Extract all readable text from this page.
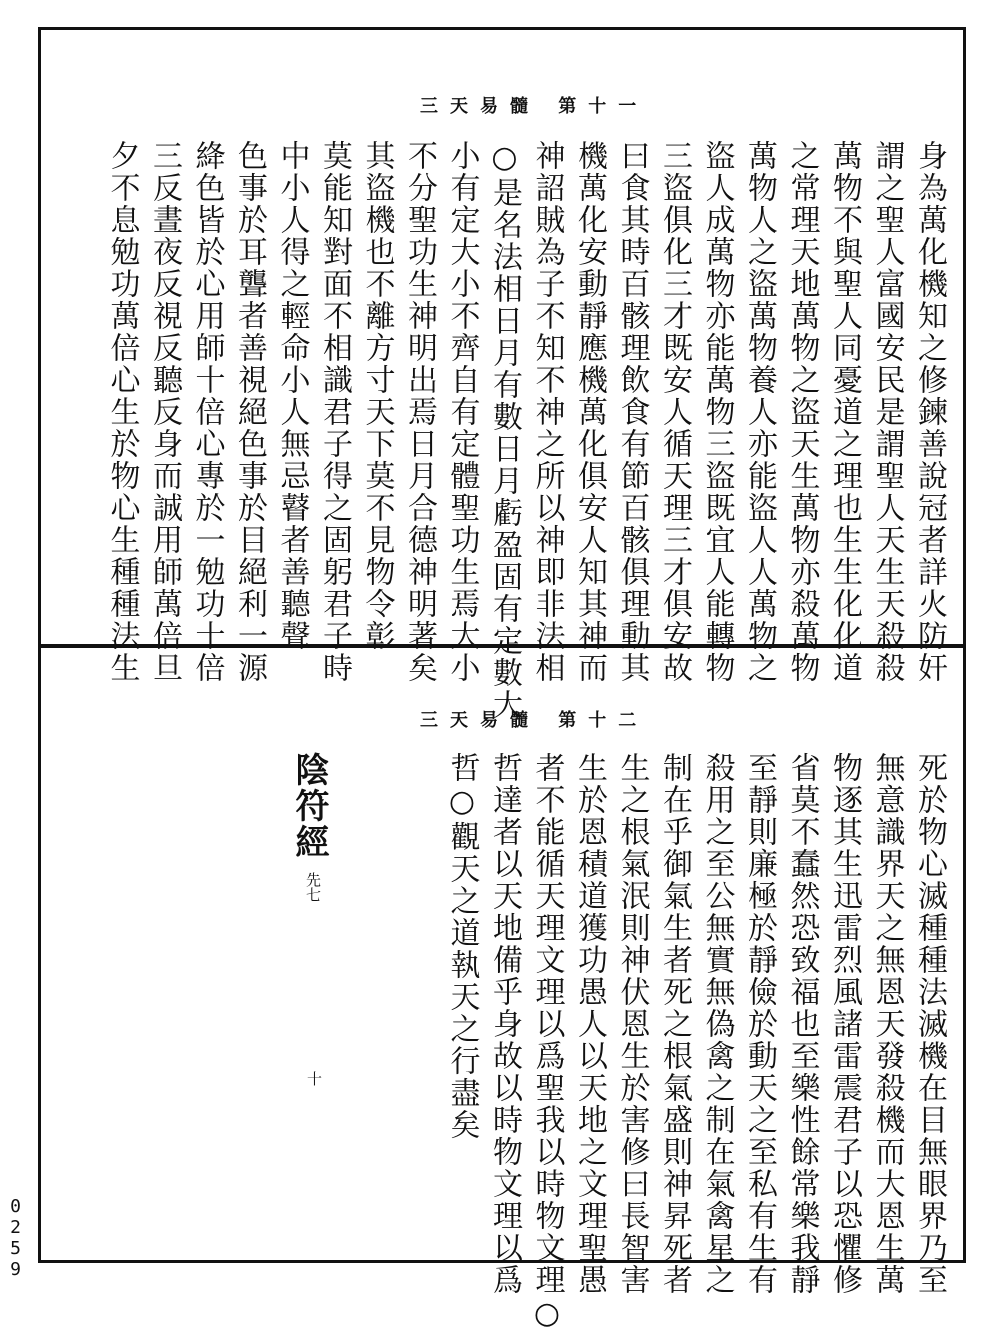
三天易髓 第十一
身為萬化機知之修鍊善說冠者詳火防奸
謂之聖人富國安民是謂聖人天生天殺殺
萬物不與聖人同憂道之理也生生化化道
之常理天地萬物之盜天生萬物亦殺萬物
萬物人之盜萬物養人亦能盜人人萬物之
盜人成萬物亦能萬物三盜既宜人能轉物
三盜俱化三才既安人循天理三才俱安故
曰食其時百骸理飲食有節百骸俱理動其
機萬化安動靜應機萬化俱安人知其神而
神詔賊為子不知不神之所以神即非法相
○是名法相日月有數日月虧盈固有定數大
小有定大小不齊自有定體聖功生焉大小
不分聖功生神明出焉日月合德神明著矣
其盜機也不離方寸天下莫不見物令彰
莫能知對面不相識君子得之固躬君子時
中小人得之輕命小人無忌瞽者善聽聲
色事於耳聾者善視絕色事於目絕利一源
絳色皆於心用師十倍心專於一勉功十倍
三反晝夜反視反聽反身而誠用師萬倍旦
夕不息勉功萬倍心生於物心生種種法生
三天易髓 第十二
死於物心滅種種法滅機在目無眼界乃至
無意識界天之無恩天發殺機而大恩生萬
物逐其生迅雷烈風諸雷震君子以恐懼修
省莫不蠢然恐致福也至樂性餘常樂我靜
至靜則廉極於靜儉於動天之至私有生有
殺用之至公無實無偽禽之制在氣禽星之
制在乎御氣生者死之根氣盛則神昇死者
生之根氣泯則神伏恩生於害修曰長智害
生於恩積道獲功愚人以天地之文理聖愚
者不能循天理文理以爲聖我以時物文理○
哲達者以天地備乎身故以時物文理以爲
哲○觀天之道執天之行盡矣
陰符經
先七
十
0259
